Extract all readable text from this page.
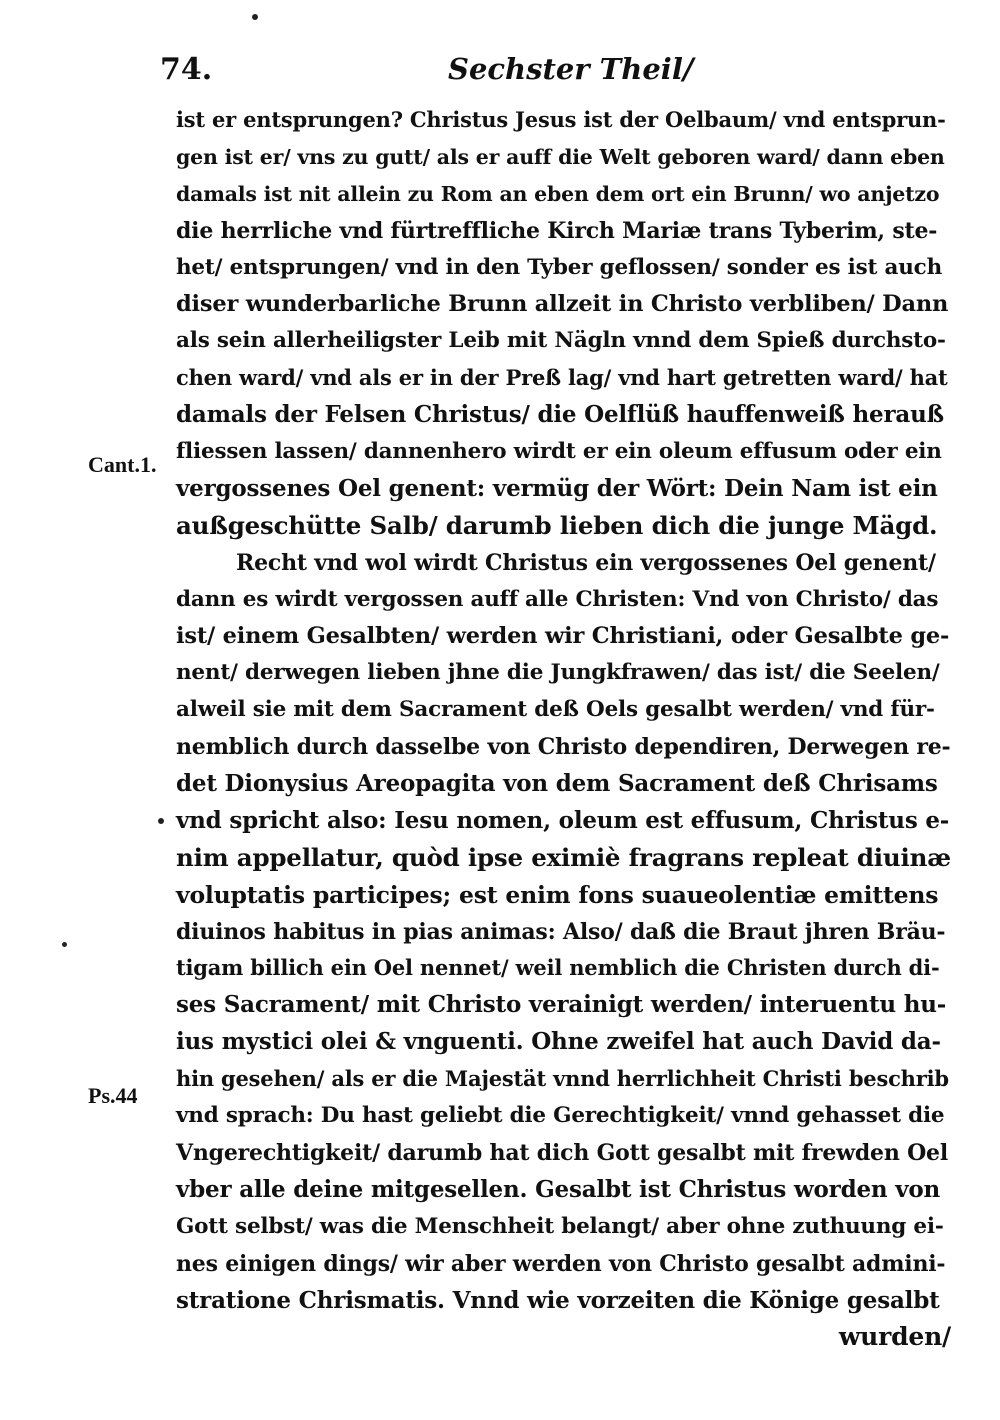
74.	Sechster Theil/
Cant.1.
Ps.44
ist er entsprungen? Christus Jesus ist der Oelbaum/ vnd entsprun-
gen ist er/ vns zu gutt/ als er auff die Welt geboren ward/ dann eben
damals ist nit allein zu Rom an eben dem ort ein Brunn/ wo anjetzo
die herrliche vnd fürtreffliche Kirch Mariæ trans Tyberim, ste-
het/ entsprungen/ vnd in den Tyber geflossen/ sonder es ist auch
diser wunderbarliche Brunn allzeit in Christo verbliben/ Dann
als sein allerheiligster Leib mit Nägln vnnd dem Spieß durchsto-
chen ward/ vnd als er in der Preß lag/ vnd hart getretten ward/ hat
damals der Felsen Christus/ die Oelflüß hauffenweiß herauß
fliessen lassen/ dannenhero wirdt er ein oleum effusum oder ein
vergossenes Oel genent: vermüg der Wört: Dein Nam ist ein
außgeschütte Salb/ darumb lieben dich die junge Mägd.
Recht vnd wol wirdt Christus ein vergossenes Oel genent/
dann es wirdt vergossen auff alle Christen: Vnd von Christo/ das
ist/ einem Gesalbten/ werden wir Christiani, oder Gesalbte ge-
nent/ derwegen lieben jhne die Jungkfrawen/ das ist/ die Seelen/
alweil sie mit dem Sacrament deß Oels gesalbt werden/ vnd für-
nemblich durch dasselbe von Christo dependiren, Derwegen re-
det Dionysius Areopagita von dem Sacrament deß Chrisams
vnd spricht also: Iesu nomen, oleum est effusum, Christus e-
nim appellatur, quòd ipse eximiè fragrans repleat diuinæ
voluptatis participes; est enim fons suaueolentiæ emittens
diuinos habitus in pias animas: Also/ daß die Braut jhren Bräu-
tigam billich ein Oel nennet/ weil nemblich die Christen durch di-
ses Sacrament/ mit Christo verainigt werden/ interuentu hu-
ius mystici olei & vnguenti. Ohne zweifel hat auch David da-
hin gesehen/ als er die Majestät vnnd herrlichheit Christi beschrib
vnd sprach: Du hast geliebt die Gerechtigkeit/ vnnd gehasset die
Vngerechtigkeit/ darumb hat dich Gott gesalbt mit frewden Oel
vber alle deine mitgesellen. Gesalbt ist Christus worden von
Gott selbst/ was die Menschheit belangt/ aber ohne zuthuung ei-
nes einigen dings/ wir aber werden von Christo gesalbt admini-
stratione Chrismatis. Vnnd wie vorzeiten die Könige gesalbt
wurden/
